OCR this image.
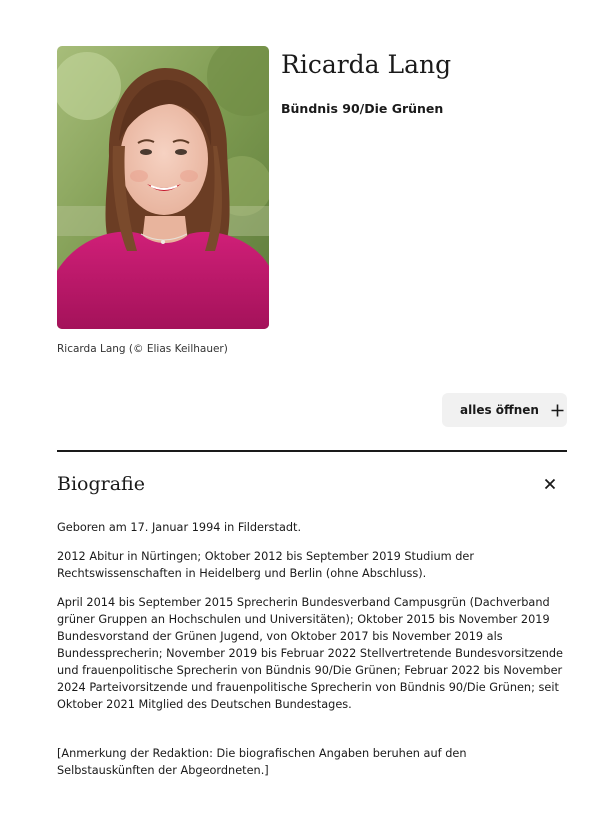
Ricarda Lang

Bündnis 90/Die Grünen

Ricarda Lang (© Elias Keilhauer)

alles öffnen
Biografie

Geboren am 17. Januar 1994 in Filderstadt.

2012 Abitur in Nürtingen; Oktober 2012 bis September 2019 Studium der Rechtswissenschaften in Heidelberg und Berlin (ohne Abschluss).

April 2014 bis September 2015 Sprecherin Bundesverband Campusgrün (Dachverband grüner Gruppen an Hochschulen und Universitäten); Oktober 2015 bis November 2019 Bundesvorstand der Grünen Jugend, von Oktober 2017 bis November 2019 als Bundessprecherin; November 2019 bis Februar 2022 Stellvertretende Bundesvorsitzende und frauenpolitische Sprecherin von Bündnis 90/Die Grünen; Februar 2022 bis November 2024 Parteivorsitzende und frauenpolitische Sprecherin von Bündnis 90/Die Grünen; seit Oktober 2021 Mitglied des Deutschen Bundestages.

[Anmerkung der Redaktion: Die biografischen Angaben beruhen auf den Selbstauskünften der Abgeordneten.]
